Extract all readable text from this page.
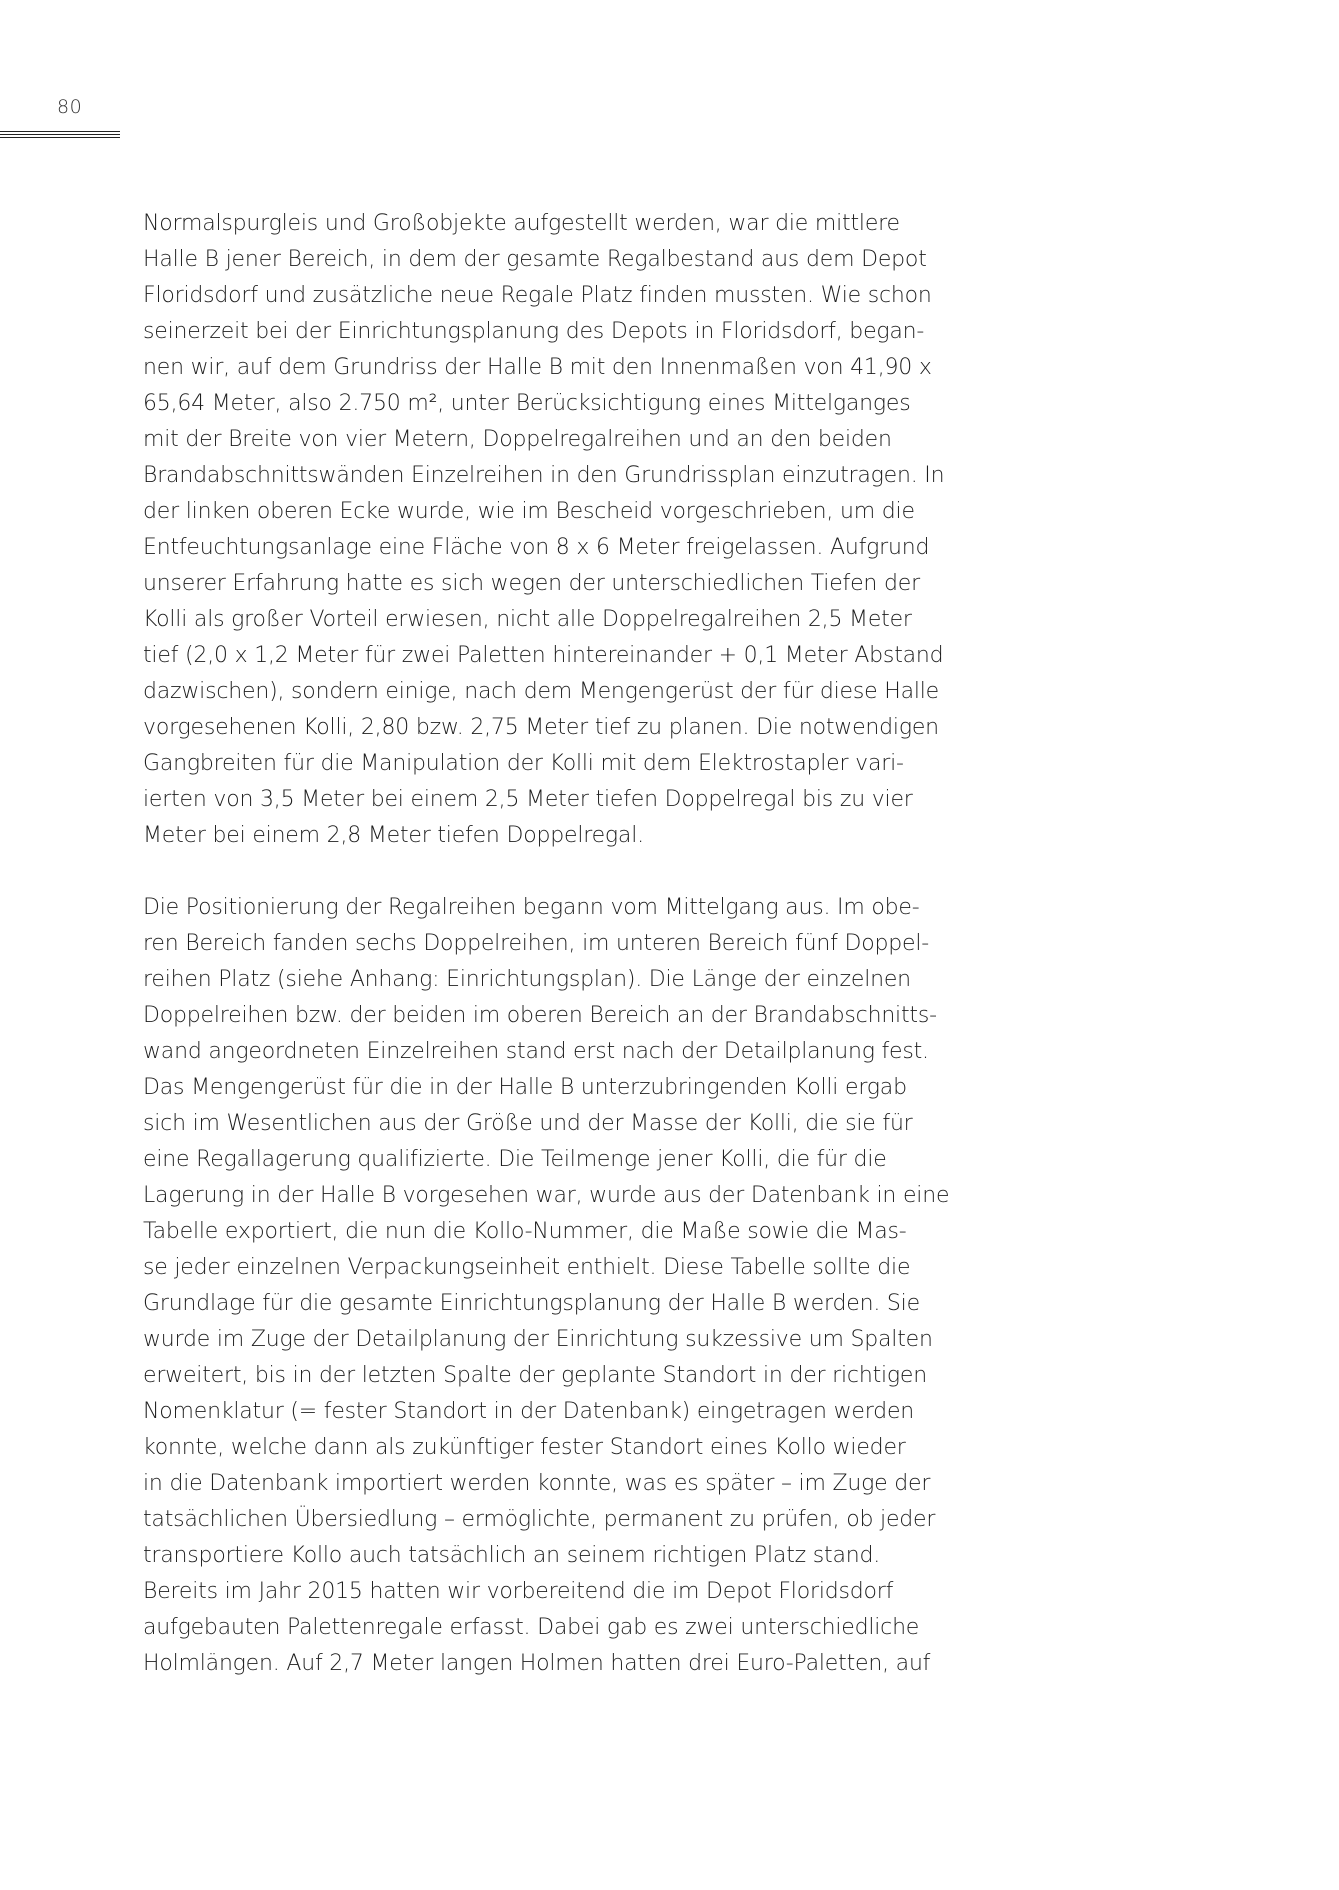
80
Normalspurgleis und Großobjekte aufgestellt werden, war die mittlere
Halle B jener Bereich, in dem der gesamte Regalbestand aus dem Depot
Floridsdorf und zusätzliche neue Regale Platz finden mussten. Wie schon
seinerzeit bei der Einrichtungsplanung des Depots in Floridsdorf, began-
nen wir, auf dem Grundriss der Halle B mit den Innenmaßen von 41,90 x
65,64 Meter, also 2.750 m², unter Berücksichtigung eines Mittelganges
mit der Breite von vier Metern, Doppelregalreihen und an den beiden
Brandabschnittswänden Einzelreihen in den Grundrissplan einzutragen. In
der linken oberen Ecke wurde, wie im Bescheid vorgeschrieben, um die
Entfeuchtungsanlage eine Fläche von 8 x 6 Meter freigelassen. Aufgrund
unserer Erfahrung hatte es sich wegen der unterschiedlichen Tiefen der
Kolli als großer Vorteil erwiesen, nicht alle Doppelregalreihen 2,5 Meter
tief (2,0 x 1,2 Meter für zwei Paletten hintereinander + 0,1 Meter Abstand
dazwischen), sondern einige, nach dem Mengengerüst der für diese Halle
vorgesehenen Kolli, 2,80 bzw. 2,75 Meter tief zu planen. Die notwendigen
Gangbreiten für die Manipulation der Kolli mit dem Elektrostapler vari-
ierten von 3,5 Meter bei einem 2,5 Meter tiefen Doppelregal bis zu vier
Meter bei einem 2,8 Meter tiefen Doppelregal.
Die Positionierung der Regalreihen begann vom Mittelgang aus. Im obe-
ren Bereich fanden sechs Doppelreihen, im unteren Bereich fünf Doppel-
reihen Platz (siehe Anhang: Einrichtungsplan). Die Länge der einzelnen
Doppelreihen bzw. der beiden im oberen Bereich an der Brandabschnitts-
wand angeordneten Einzelreihen stand erst nach der Detailplanung fest.
Das Mengengerüst für die in der Halle B unterzubringenden Kolli ergab
sich im Wesentlichen aus der Größe und der Masse der Kolli, die sie für
eine Regallagerung qualifizierte. Die Teilmenge jener Kolli, die für die
Lagerung in der Halle B vorgesehen war, wurde aus der Datenbank in eine
Tabelle exportiert, die nun die Kollo-Nummer, die Maße sowie die Mas-
se jeder einzelnen Verpackungseinheit enthielt. Diese Tabelle sollte die
Grundlage für die gesamte Einrichtungsplanung der Halle B werden. Sie
wurde im Zuge der Detailplanung der Einrichtung sukzessive um Spalten
erweitert, bis in der letzten Spalte der geplante Standort in der richtigen
Nomenklatur (= fester Standort in der Datenbank) eingetragen werden
konnte, welche dann als zukünftiger fester Standort eines Kollo wieder
in die Datenbank importiert werden konnte, was es später – im Zuge der
tatsächlichen Übersiedlung – ermöglichte, permanent zu prüfen, ob jeder
transportiere Kollo auch tatsächlich an seinem richtigen Platz stand.
Bereits im Jahr 2015 hatten wir vorbereitend die im Depot Floridsdorf
aufgebauten Palettenregale erfasst. Dabei gab es zwei unterschiedliche
Holmlängen. Auf 2,7 Meter langen Holmen hatten drei Euro-Paletten, auf
